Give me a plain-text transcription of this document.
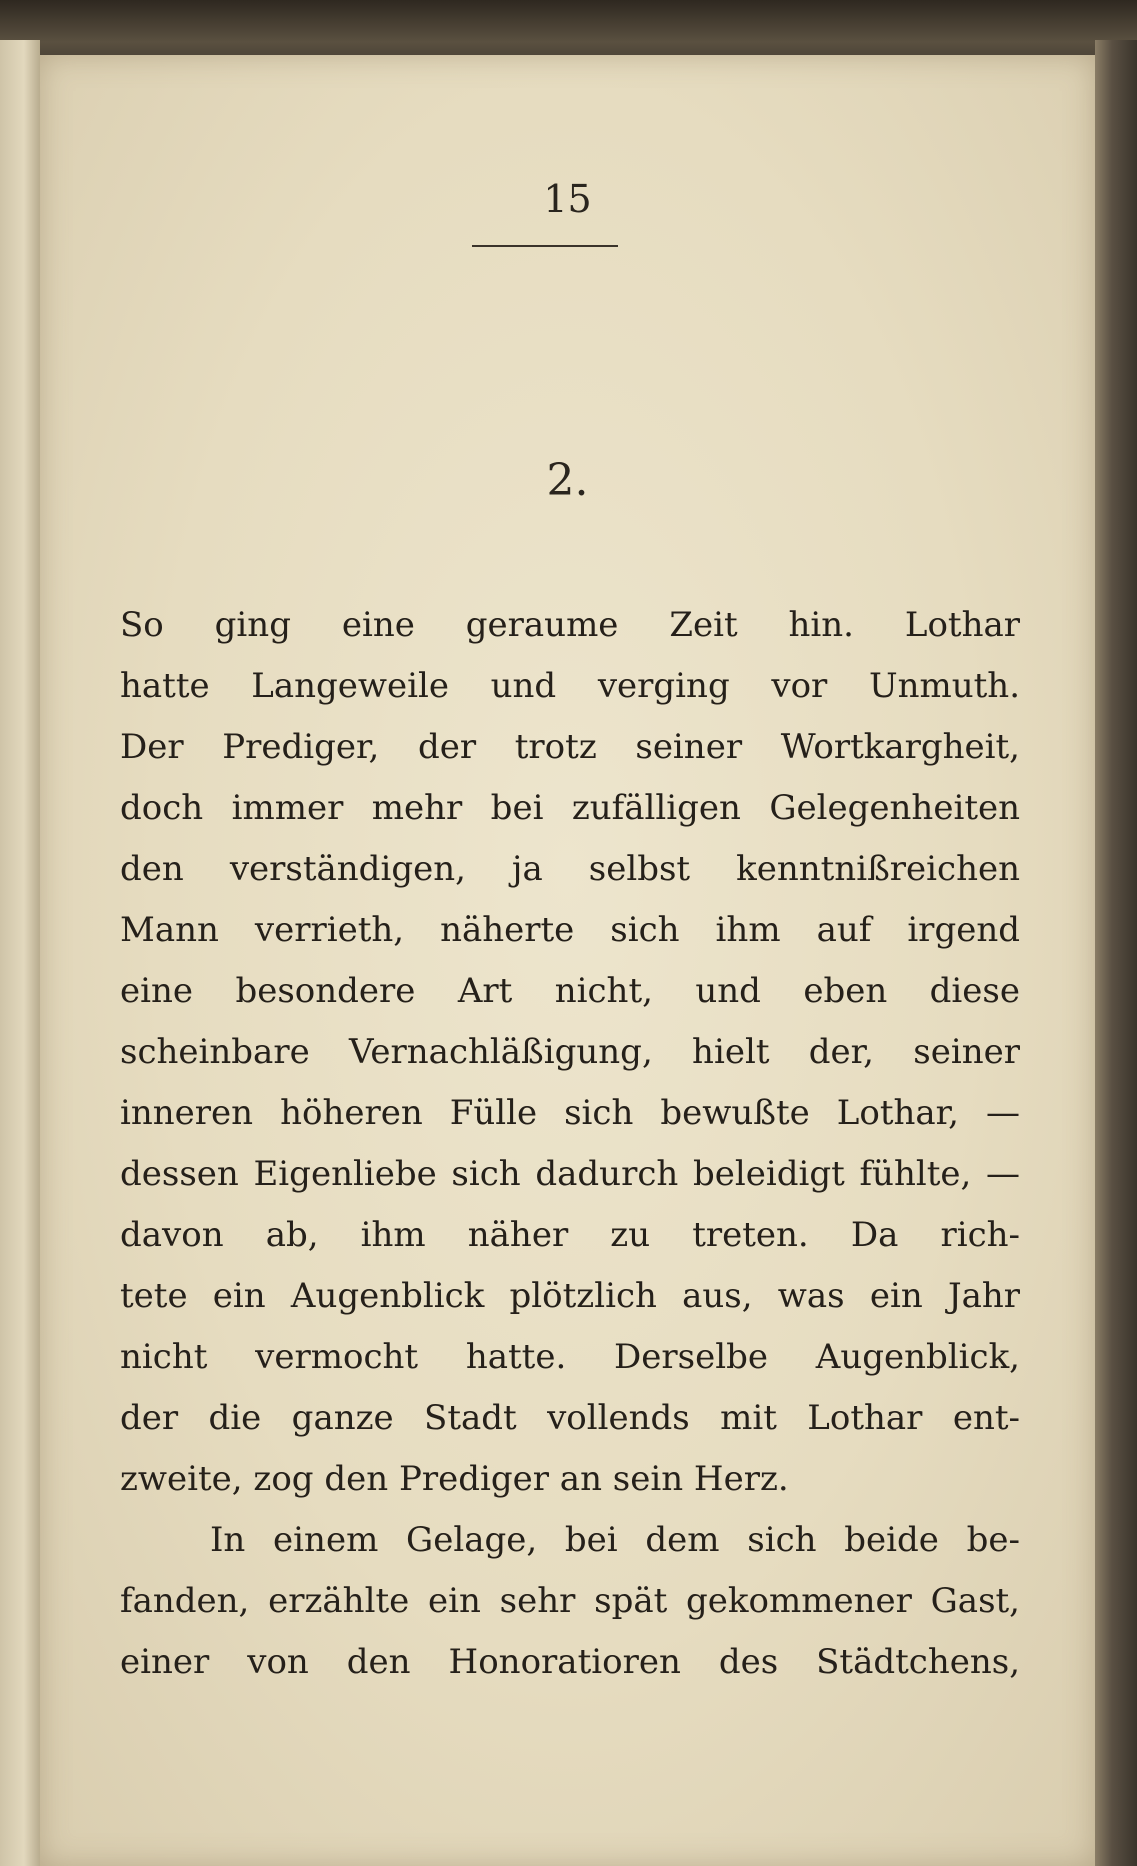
15
2.
So ging eine geraume Zeit hin. Lothar
hatte Langeweile und verging vor Unmuth.
Der Prediger, der trotz seiner Wortkargheit,
doch immer mehr bei zufälligen Gelegenheiten
den verständigen, ja selbst kenntnißreichen
Mann verrieth, näherte sich ihm auf irgend
eine besondere Art nicht, und eben diese
scheinbare Vernachläßigung, hielt der, seiner
inneren höheren Fülle sich bewußte Lothar, —
dessen Eigenliebe sich dadurch beleidigt fühlte, —
davon ab, ihm näher zu treten. Da rich-
tete ein Augenblick plötzlich aus, was ein Jahr
nicht vermocht hatte. Derselbe Augenblick,
der die ganze Stadt vollends mit Lothar ent-
zweite, zog den Prediger an sein Herz.
In einem Gelage, bei dem sich beide be-
fanden, erzählte ein sehr spät gekommener Gast,
einer von den Honoratioren des Städtchens,
